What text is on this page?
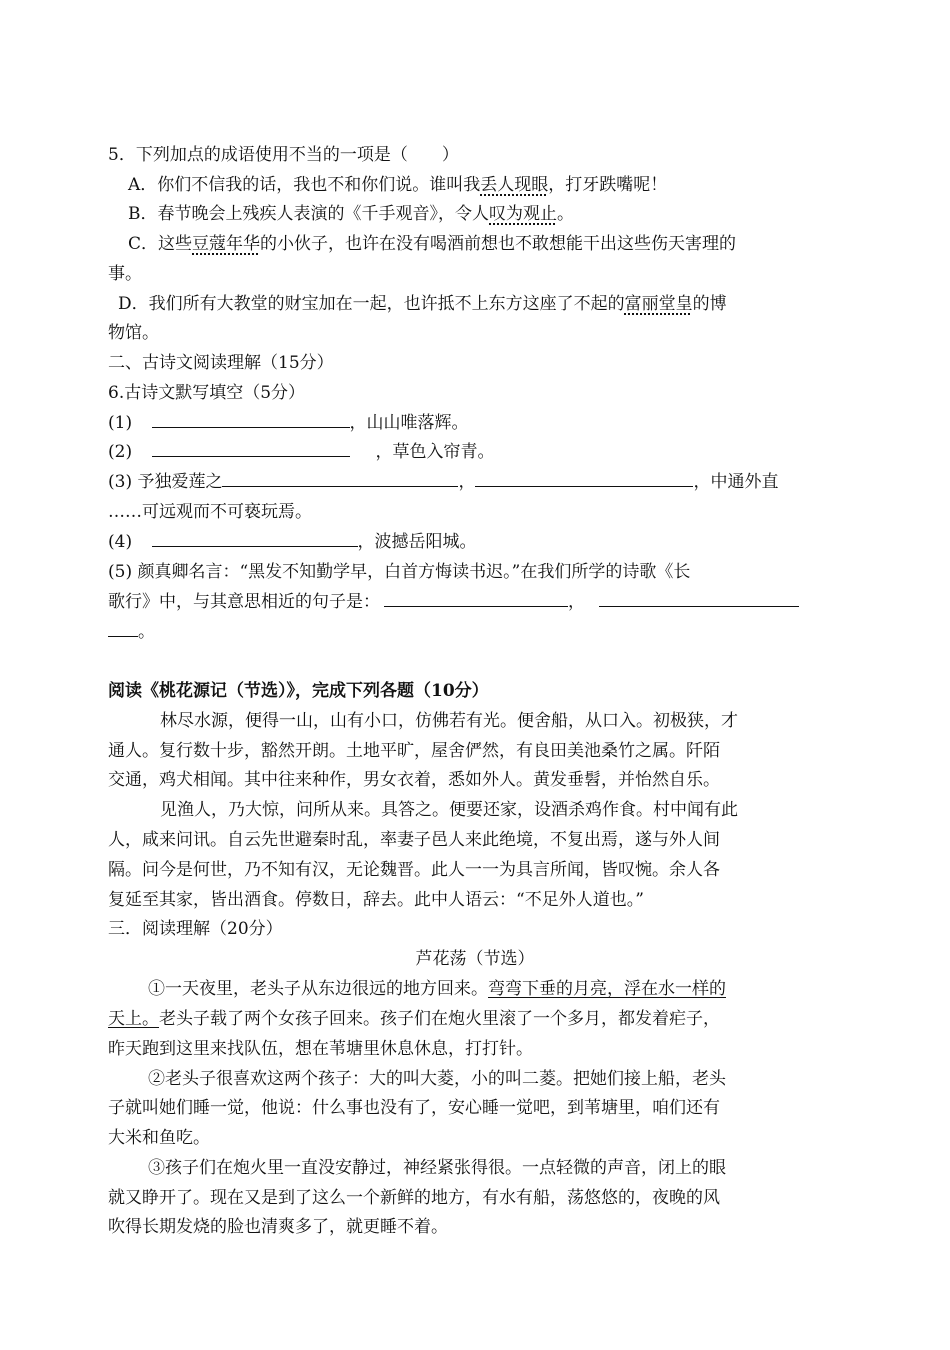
5．下列加点的成语使用不当的一项是（　　）
A．你们不信我的话，我也不和你们说。谁叫我丢人现眼，打牙跌嘴呢！
B．春节晚会上残疾人表演的《千手观音》，令人叹为观止。
C．这些豆蔻年华的小伙子，也许在没有喝酒前想也不敢想能干出这些伤天害理的
事。
D．我们所有大教堂的财宝加在一起，也许抵不上东方这座了不起的富丽堂皇的博
物馆。
二、古诗文阅读理解（15分）
6.古诗文默写填空（5分）
(1)	，山山唯落辉。
(2)	，草色入帘青。
(3) 予独爱莲之	，	，中通外直
……可远观而不可亵玩焉。
(4)	，波撼岳阳城。
(5) 颜真卿名言：“黑发不知勤学早，白首方悔读书迟。”在我们所学的诗歌《长
歌行》中，与其意思相近的句子是：	，
。
阅读《桃花源记（节选）》，完成下列各题（10分）
林尽水源，便得一山，山有小口，仿佛若有光。便舍船，从口入。初极狭，才
通人。复行数十步，豁然开朗。土地平旷，屋舍俨然，有良田美池桑竹之属。阡陌
交通，鸡犬相闻。其中往来种作，男女衣着，悉如外人。黄发垂髫，并怡然自乐。
见渔人，乃大惊，问所从来。具答之。便要还家，设酒杀鸡作食。村中闻有此
人，咸来问讯。自云先世避秦时乱，率妻子邑人来此绝境，不复出焉，遂与外人间
隔。问今是何世，乃不知有汉，无论魏晋。此人一一为具言所闻，皆叹惋。余人各
复延至其家，皆出酒食。停数日，辞去。此中人语云：“不足外人道也。”
三．阅读理解（20分）
芦花荡（节选）
①一天夜里，老头子从东边很远的地方回来。弯弯下垂的月亮，浮在水一样的
天上。老头子载了两个女孩子回来。孩子们在炮火里滚了一个多月，都发着疟子，
昨天跑到这里来找队伍，想在苇塘里休息休息，打打针。
②老头子很喜欢这两个孩子：大的叫大菱，小的叫二菱。把她们接上船，老头
子就叫她们睡一觉，他说：什么事也没有了，安心睡一觉吧，到苇塘里，咱们还有
大米和鱼吃。
③孩子们在炮火里一直没安静过，神经紧张得很。一点轻微的声音，闭上的眼
就又睁开了。现在又是到了这么一个新鲜的地方，有水有船，荡悠悠的，夜晚的风
吹得长期发烧的脸也清爽多了，就更睡不着。
